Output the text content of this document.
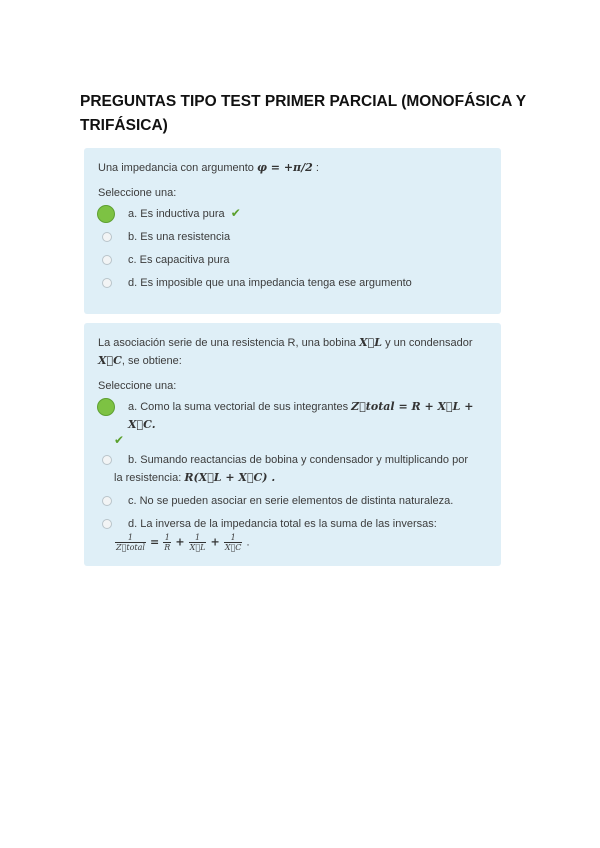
PREGUNTAS TIPO TEST PRIMER PARCIAL (MONOFÁSICA Y TRIFÁSICA)

Una impedancia con argumento φ = +π/2 :

Seleccione una:

a. Es inductiva pura ✔
b. Es una resistencia
c. Es capacitiva pura
d. Es imposible que una impedancia tenga ese argumento

La asociación serie de una resistencia R, una bobina X⃗L y un condensador
X⃗C, se obtiene:

Seleccione una:

a. Como la suma vectorial de sus integrantes Z⃗total = R + X⃗L + X⃗C.
✔
b. Sumando reactancias de bobina y condensador y multiplicando por
la resistencia: R(X⃗L + X⃗C) .
c. No se pueden asociar en serie elementos de distinta naturaleza.
d. La inversa de la impedancia total es la suma de las inversas:

$\frac{1}{\text{Z⃗total}} = \frac{1}{R} + \frac{1}{X⃗L} + \frac{1}{X⃗C}$ .
